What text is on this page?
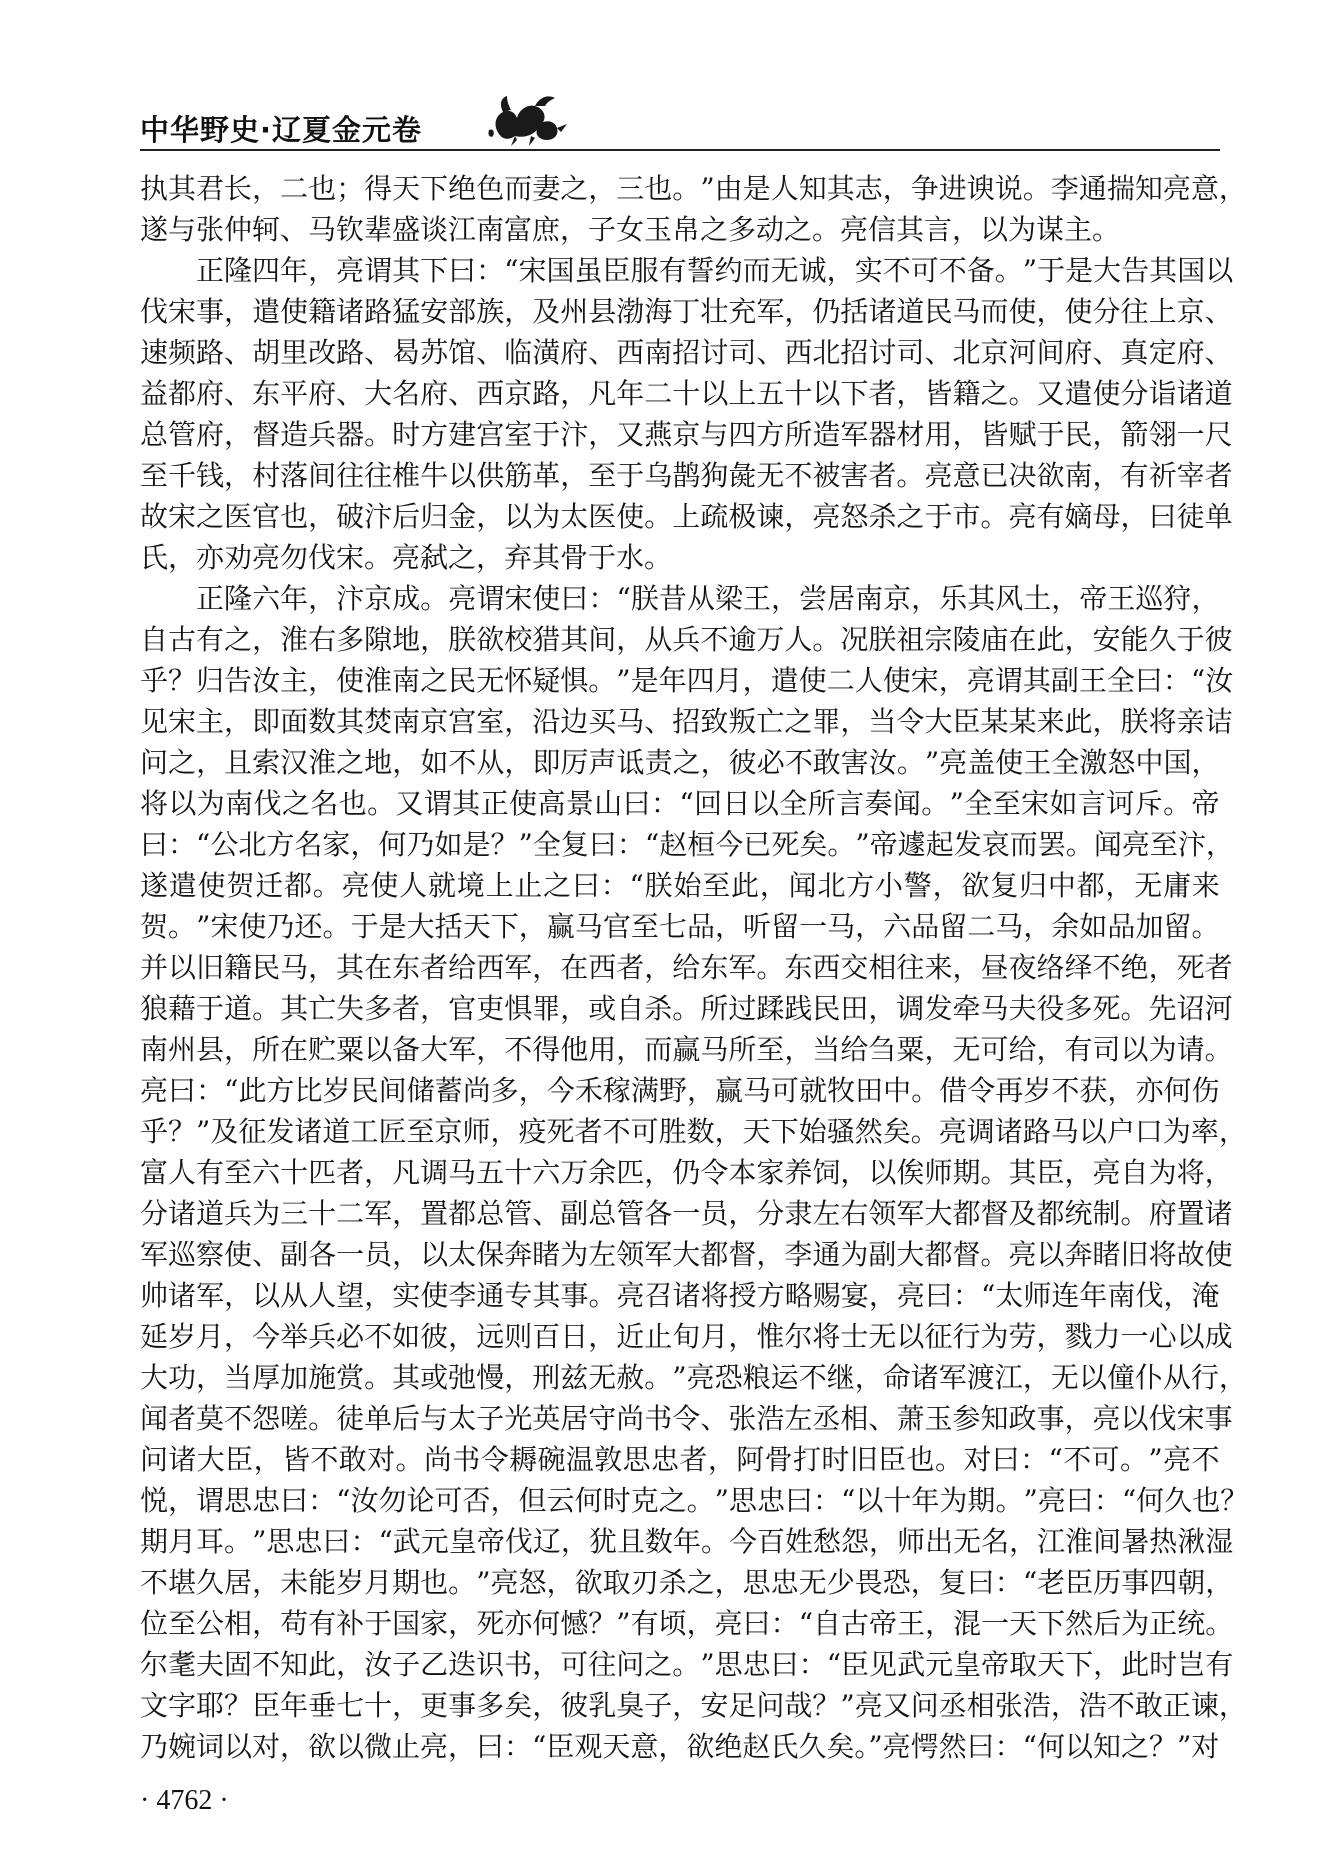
中华野史·辽夏金元卷
执 其 君 长 ， 二 也 ； 得 天 下 绝 色 而 妻 之 ， 三 也 。 ” 由 是 人 知 其 志 ， 争 进 谀 说 。 李 通 揣 知 亮 意 ，
遂与张仲轲、马钦辈盛谈江南富庶，子女玉帛之多动之。亮信其言，以为谋主。
正 隆 四 年 ， 亮 谓 其 下 曰 ： “ 宋 国 虽 臣 服 有 誓 约 而 无 诚 ， 实 不 可 不 备 。 ” 于 是 大 告 其 国 以
伐 宋 事 ， 遣 使 籍 诸 路 猛 安 部 族 ， 及 州 县 渤 海 丁 壮 充 军 ， 仍 括 诸 道 民 马 而 使 ， 使 分 往 上 京 、
速 频 路 、 胡 里 改 路 、 曷 苏 馆 、 临 潢 府 、 西 南 招 讨 司 、 西 北 招 讨 司 、 北 京 河 间 府 、 真 定 府 、
益 都 府 、 东 平 府 、 大 名 府 、 西 京 路 ， 凡 年 二 十 以 上 五 十 以 下 者 ， 皆 籍 之 。 又 遣 使 分 诣 诸 道
总 管 府 ， 督 造 兵 器 。 时 方 建 宫 室 于 汴 ， 又 燕 京 与 四 方 所 造 军 器 材 用 ， 皆 赋 于 民 ， 箭 翎 一 尺
至 千 钱 ， 村 落 间 往 往 椎 牛 以 供 筋 革 ， 至 于 乌 鹊 狗 彘 无 不 被 害 者 。 亮 意 已 决 欲 南 ， 有 祈 宰 者
故 宋 之 医 官 也 ， 破 汴 后 归 金 ， 以 为 太 医 使 。 上 疏 极 谏 ， 亮 怒 杀 之 于 市 。 亮 有 嫡 母 ， 曰 徒 单
氏，亦劝亮勿伐宋。亮弑之，弃其骨于水。
正 隆 六 年 ， 汴 京 成 。 亮 谓 宋 使 曰 ： “ 朕 昔 从 梁 王 ， 尝 居 南 京 ， 乐 其 风 土 ， 帝 王 巡 狩 ，
自 古 有 之 ， 淮 右 多 隙 地 ， 朕 欲 校 猎 其 间 ， 从 兵 不 逾 万 人 。 况 朕 祖 宗 陵 庙 在 此 ， 安 能 久 于 彼
乎 ？ 归 告 汝 主 ， 使 淮 南 之 民 无 怀 疑 惧 。 ” 是 年 四 月 ， 遣 使 二 人 使 宋 ， 亮 谓 其 副 王 全 曰 ： “ 汝
见 宋 主 ， 即 面 数 其 焚 南 京 宫 室 ， 沿 边 买 马 、 招 致 叛 亡 之 罪 ， 当 令 大 臣 某 某 来 此 ， 朕 将 亲 诘
问 之 ， 且 索 汉 淮 之 地 ， 如 不 从 ， 即 厉 声 诋 责 之 ， 彼 必 不 敢 害 汝 。 ” 亮 盖 使 王 全 激 怒 中 国 ，
将 以 为 南 伐 之 名 也 。 又 谓 其 正 使 高 景 山 曰 ： “ 回 日 以 全 所 言 奏 闻 。 ” 全 至 宋 如 言 诃 斥 。 帝
曰 ： “ 公 北 方 名 家 ， 何 乃 如 是 ？ ” 全 复 曰 ： “ 赵 桓 今 已 死 矣 。 ” 帝 遽 起 发 哀 而 罢 。 闻 亮 至 汴 ，
遂 遣 使 贺 迁 都 。 亮 使 人 就 境 上 止 之 曰 ： “ 朕 始 至 此 ， 闻 北 方 小 警 ， 欲 复 归 中 都 ， 无 庸 来
贺 。 ” 宋 使 乃 还 。 于 是 大 括 天 下 ， 赢 马 官 至 七 品 ， 听 留 一 马 ， 六 品 留 二 马 ， 余 如 品 加 留 。
并 以 旧 籍 民 马 ， 其 在 东 者 给 西 军 ， 在 西 者 ， 给 东 军 。 东 西 交 相 往 来 ， 昼 夜 络 绎 不 绝 ， 死 者
狼 藉 于 道 。 其 亡 失 多 者 ， 官 吏 惧 罪 ， 或 自 杀 。 所 过 蹂 践 民 田 ， 调 发 牵 马 夫 役 多 死 。 先 诏 河
南 州 县 ， 所 在 贮 粟 以 备 大 军 ， 不 得 他 用 ， 而 赢 马 所 至 ， 当 给 刍 粟 ， 无 可 给 ， 有 司 以 为 请 。
亮 曰 ： “ 此 方 比 岁 民 间 储 蓄 尚 多 ， 今 禾 稼 满 野 ， 赢 马 可 就 牧 田 中 。 借 令 再 岁 不 获 ， 亦 何 伤
乎 ？ ” 及 征 发 诸 道 工 匠 至 京 师 ， 疫 死 者 不 可 胜 数 ， 天 下 始 骚 然 矣 。 亮 调 诸 路 马 以 户 口 为 率 ，
富 人 有 至 六 十 匹 者 ， 凡 调 马 五 十 六 万 余 匹 ， 仍 令 本 家 养 饲 ， 以 俟 师 期 。 其 臣 ， 亮 自 为 将 ，
分 诸 道 兵 为 三 十 二 军 ， 置 都 总 管 、 副 总 管 各 一 员 ， 分 隶 左 右 领 军 大 都 督 及 都 统 制 。 府 置 诸
军 巡 察 使 、 副 各 一 员 ， 以 太 保 奔 睹 为 左 领 军 大 都 督 ， 李 通 为 副 大 都 督 。 亮 以 奔 睹 旧 将 故 使
帅 诸 军 ， 以 从 人 望 ， 实 使 李 通 专 其 事 。 亮 召 诸 将 授 方 略 赐 宴 ， 亮 曰 ： “ 太 师 连 年 南 伐 ， 淹
延 岁 月 ， 今 举 兵 必 不 如 彼 ， 远 则 百 日 ， 近 止 旬 月 ， 惟 尔 将 士 无 以 征 行 为 劳 ， 戮 力 一 心 以 成
大 功 ， 当 厚 加 施 赏 。 其 或 弛 慢 ， 刑 兹 无 赦 。 ” 亮 恐 粮 运 不 继 ， 命 诸 军 渡 江 ， 无 以 僮 仆 从 行 ，
闻 者 莫 不 怨 嗟 。 徒 单 后 与 太 子 光 英 居 守 尚 书 令 、 张 浩 左 丞 相 、 萧 玉 参 知 政 事 ， 亮 以 伐 宋 事
问 诸 大 臣 ， 皆 不 敢 对 。 尚 书 令 耨 碗 温 敦 思 忠 者 ， 阿 骨 打 时 旧 臣 也 。 对 曰 ： “ 不 可 。 ” 亮 不
悦 ， 谓 思 忠 曰 ： “ 汝 勿 论 可 否 ， 但 云 何 时 克 之 。 ” 思 忠 曰 ： “ 以 十 年 为 期 。 ” 亮 曰 ： “ 何 久 也 ？
期 月 耳 。 ” 思 忠 曰 ： “ 武 元 皇 帝 伐 辽 ， 犹 且 数 年 。 今 百 姓 愁 怨 ， 师 出 无 名 ， 江 淮 间 暑 热 湫 湿
不 堪 久 居 ， 未 能 岁 月 期 也 。 ” 亮 怒 ， 欲 取 刃 杀 之 ， 思 忠 无 少 畏 恐 ， 复 曰 ： “ 老 臣 历 事 四 朝 ，
位 至 公 相 ， 苟 有 补 于 国 家 ， 死 亦 何 憾 ？ ” 有 顷 ， 亮 曰 ： “ 自 古 帝 王 ， 混 一 天 下 然 后 为 正 统 。
尔 耄 夫 固 不 知 此 ， 汝 子 乙 迭 识 书 ， 可 往 问 之 。 ” 思 忠 曰 ： “ 臣 见 武 元 皇 帝 取 天 下 ， 此 时 岂 有
文 字 耶 ？ 臣 年 垂 七 十 ， 更 事 多 矣 ， 彼 乳 臭 子 ， 安 足 问 哉 ？ ” 亮 又 问 丞 相 张 浩 ， 浩 不 敢 正 谏 ，
乃婉词以对，欲以微止亮，曰：“臣观天意，欲绝赵氏久矣。”亮愕然曰：“何以知之？”对
· 4762 ·
